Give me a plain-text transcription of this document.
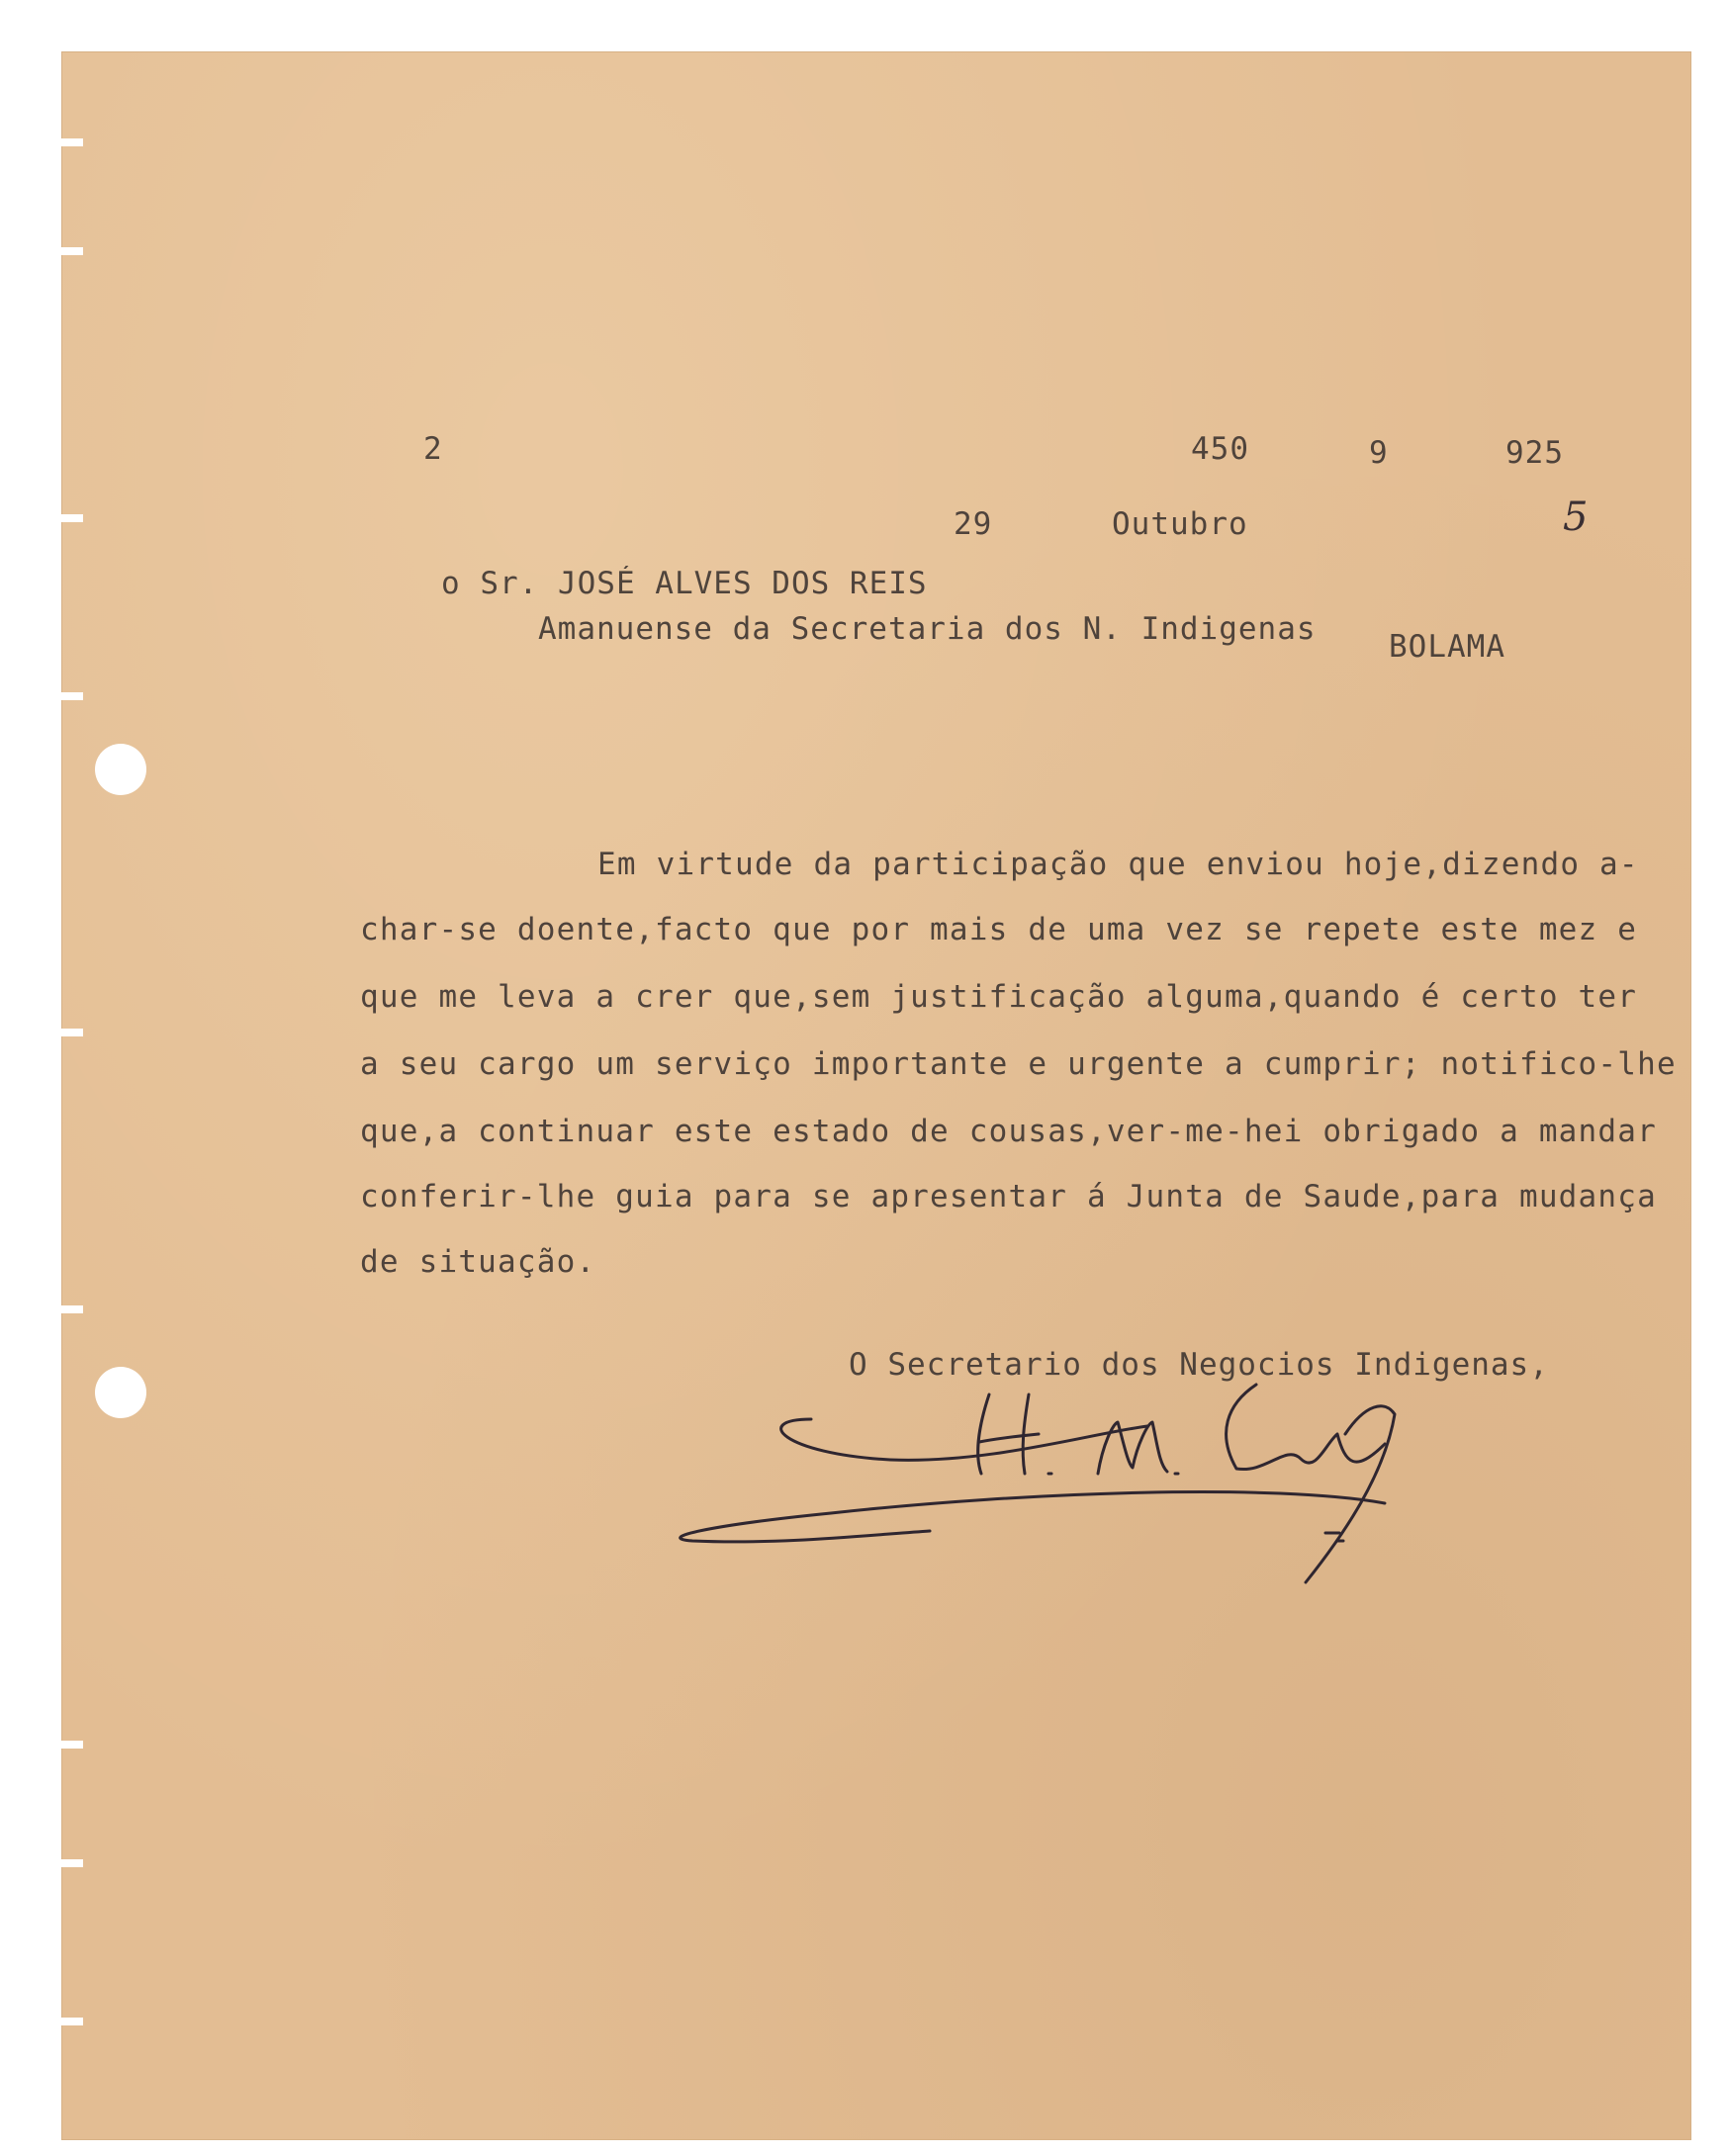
2	450	9	925
29	Outubro	5
o Sr. JOSÉ ALVES DOS REIS
Amanuense da Secretaria dos N. Indigenas BOLAMA
Em virtude da participação que enviou hoje,dizendo a-
char-se doente,facto que por mais de uma vez se repete este mez e
que me leva a crer que,sem justificação alguma,quando é certo ter
a seu cargo um serviço importante e urgente a cumprir; notifico-lhe
que,a continuar este estado de cousas,ver-me-hei obrigado a mandar
conferir-lhe guia para se apresentar á Junta de Saude,para mudança
de situação.
O Secretario dos Negocios Indigenas,
